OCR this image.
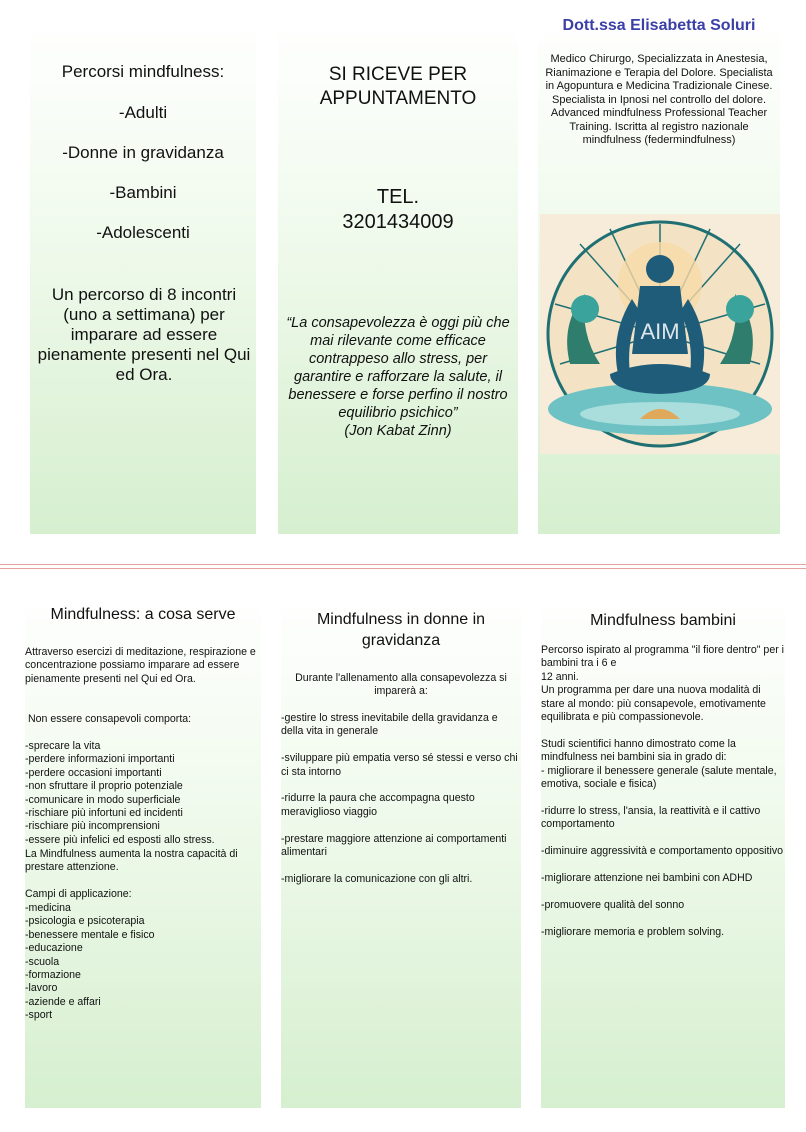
Percorsi mindfulness:
-Adulti
-Donne in gravidanza
-Bambini
-Adolescenti
Un percorso di 8 incontri (uno a settimana) per imparare ad essere pienamente presenti nel Qui ed Ora.
SI RICEVE PER APPUNTAMENTO
TEL.
3201434009
“La consapevolezza è oggi più che mai rilevante come efficace contrappeso allo stress, per garantire e rafforzare la salute, il benessere e forse perfino il nostro equilibrio psichico”
(Jon Kabat Zinn)
Dott.ssa Elisabetta Soluri
Medico Chirurgo, Specializzata in Anestesia, Rianimazione e Terapia del Dolore. Specialista in Agopuntura e Medicina Tradizionale Cinese. Specialista in Ipnosi nel controllo del dolore. Advanced mindfulness Professional Teacher Training. Iscritta al registro nazionale mindfulness (federmindfulness)
AIM
Mindfulness: a cosa serve
Attraverso esercizi di meditazione, respirazione e concentrazione possiamo imparare ad essere pienamente presenti nel Qui ed Ora.
Non essere consapevoli comporta:
-sprecare la vita
-perdere informazioni importanti
-perdere occasioni importanti
-non sfruttare il proprio potenziale
-comunicare in modo superficiale
-rischiare più infortuni ed incidenti
-rischiare più incomprensioni
-essere più infelici ed esposti allo stress.
La Mindfulness aumenta la nostra capacità di prestare attenzione.
Campi di applicazione:
-medicina
-psicologia e psicoterapia
-benessere mentale e fisico
-educazione
-scuola
-formazione
-lavoro
-aziende e affari
-sport
Mindfulness in donne in gravidanza
Durante l'allenamento alla consapevolezza si imparerà a:
-gestire lo stress inevitabile della gravidanza e della vita in generale

-sviluppare più empatia verso sé stessi e verso chi ci sta intorno

-ridurre la paura che accompagna questo meraviglioso viaggio

-prestare maggiore attenzione ai comportamenti alimentari

-migliorare la comunicazione con gli altri.
Mindfulness bambini
Percorso ispirato al programma "il fiore dentro" per i bambini tra i 6 e
12 anni.
Un programma per dare una nuova modalità di stare al mondo: più consapevole, emotivamente equilibrata e più compassionevole.

Studi scientifici hanno dimostrato come la mindfulness nei bambini sia in grado di:
- migliorare il benessere generale (salute mentale, emotiva, sociale e fisica)

-ridurre lo stress, l'ansia, la reattività e il cattivo comportamento

-diminuire aggressività e comportamento oppositivo

-migliorare attenzione nei bambini con ADHD

-promuovere qualità del sonno

-migliorare memoria e problem solving.
